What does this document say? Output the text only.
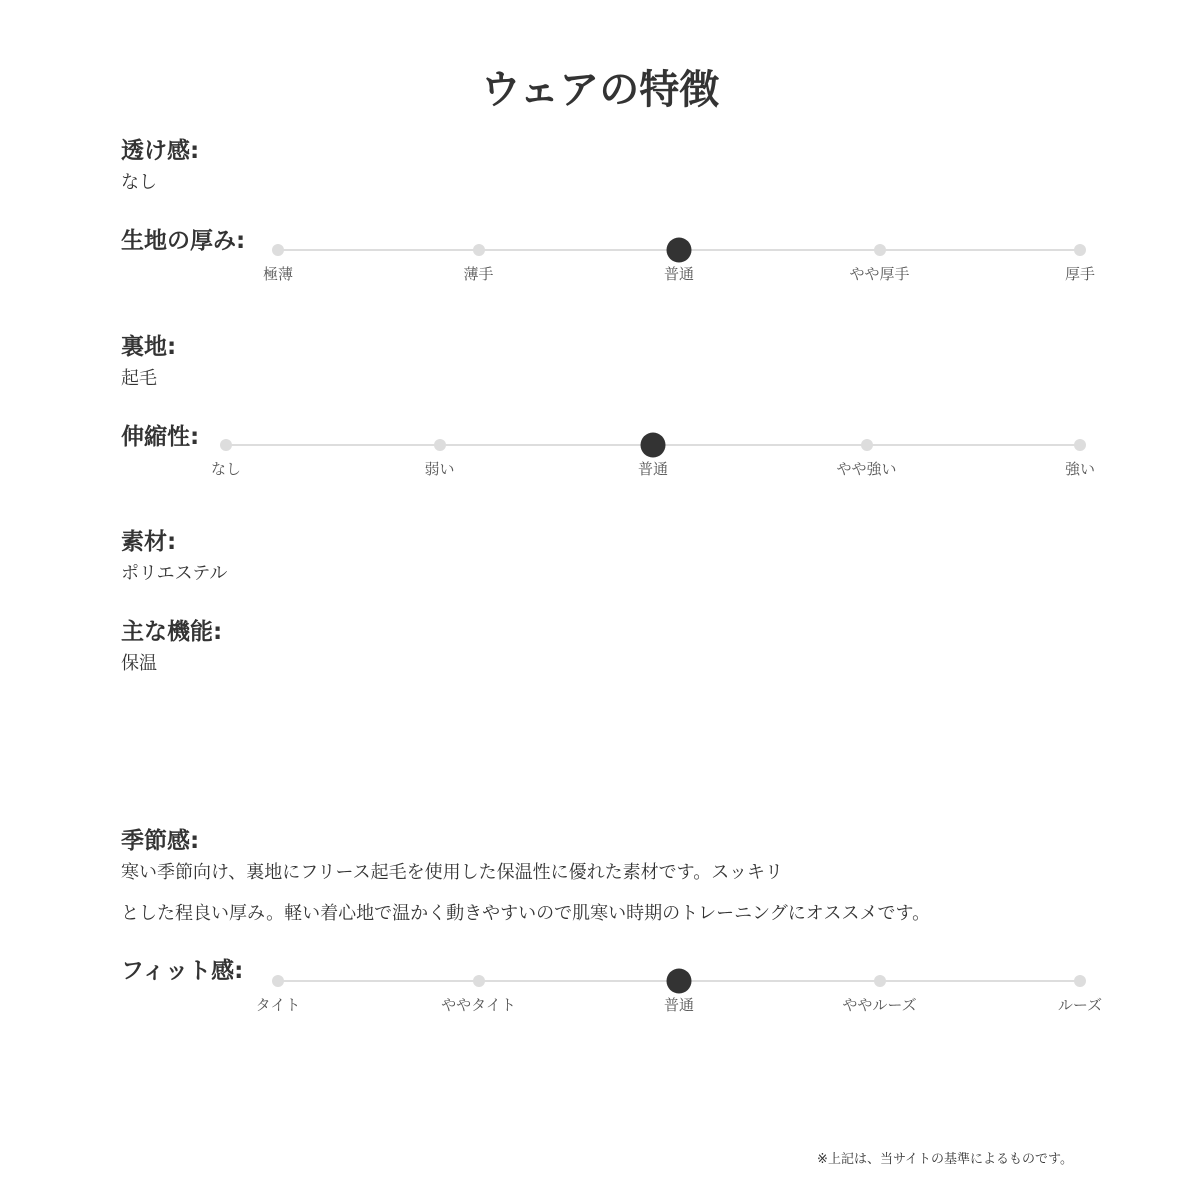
ウェアの特徴
透け感:
なし
生地の厚み:
極薄	薄手	普通	やや厚手	厚手
裏地:
起毛
伸縮性:
なし	弱い	普通	やや強い	強い
素材:
ポリエステル
主な機能:
保温
季節感:
寒い季節向け、裏地にフリース起毛を使用した保温性に優れた素材です。スッキリ
とした程良い厚み。軽い着心地で温かく動きやすいので肌寒い時期のトレーニングにオススメです。
フィット感:
タイト	ややタイト	普通	ややルーズ	ルーズ
※上記は、当サイトの基準によるものです。
